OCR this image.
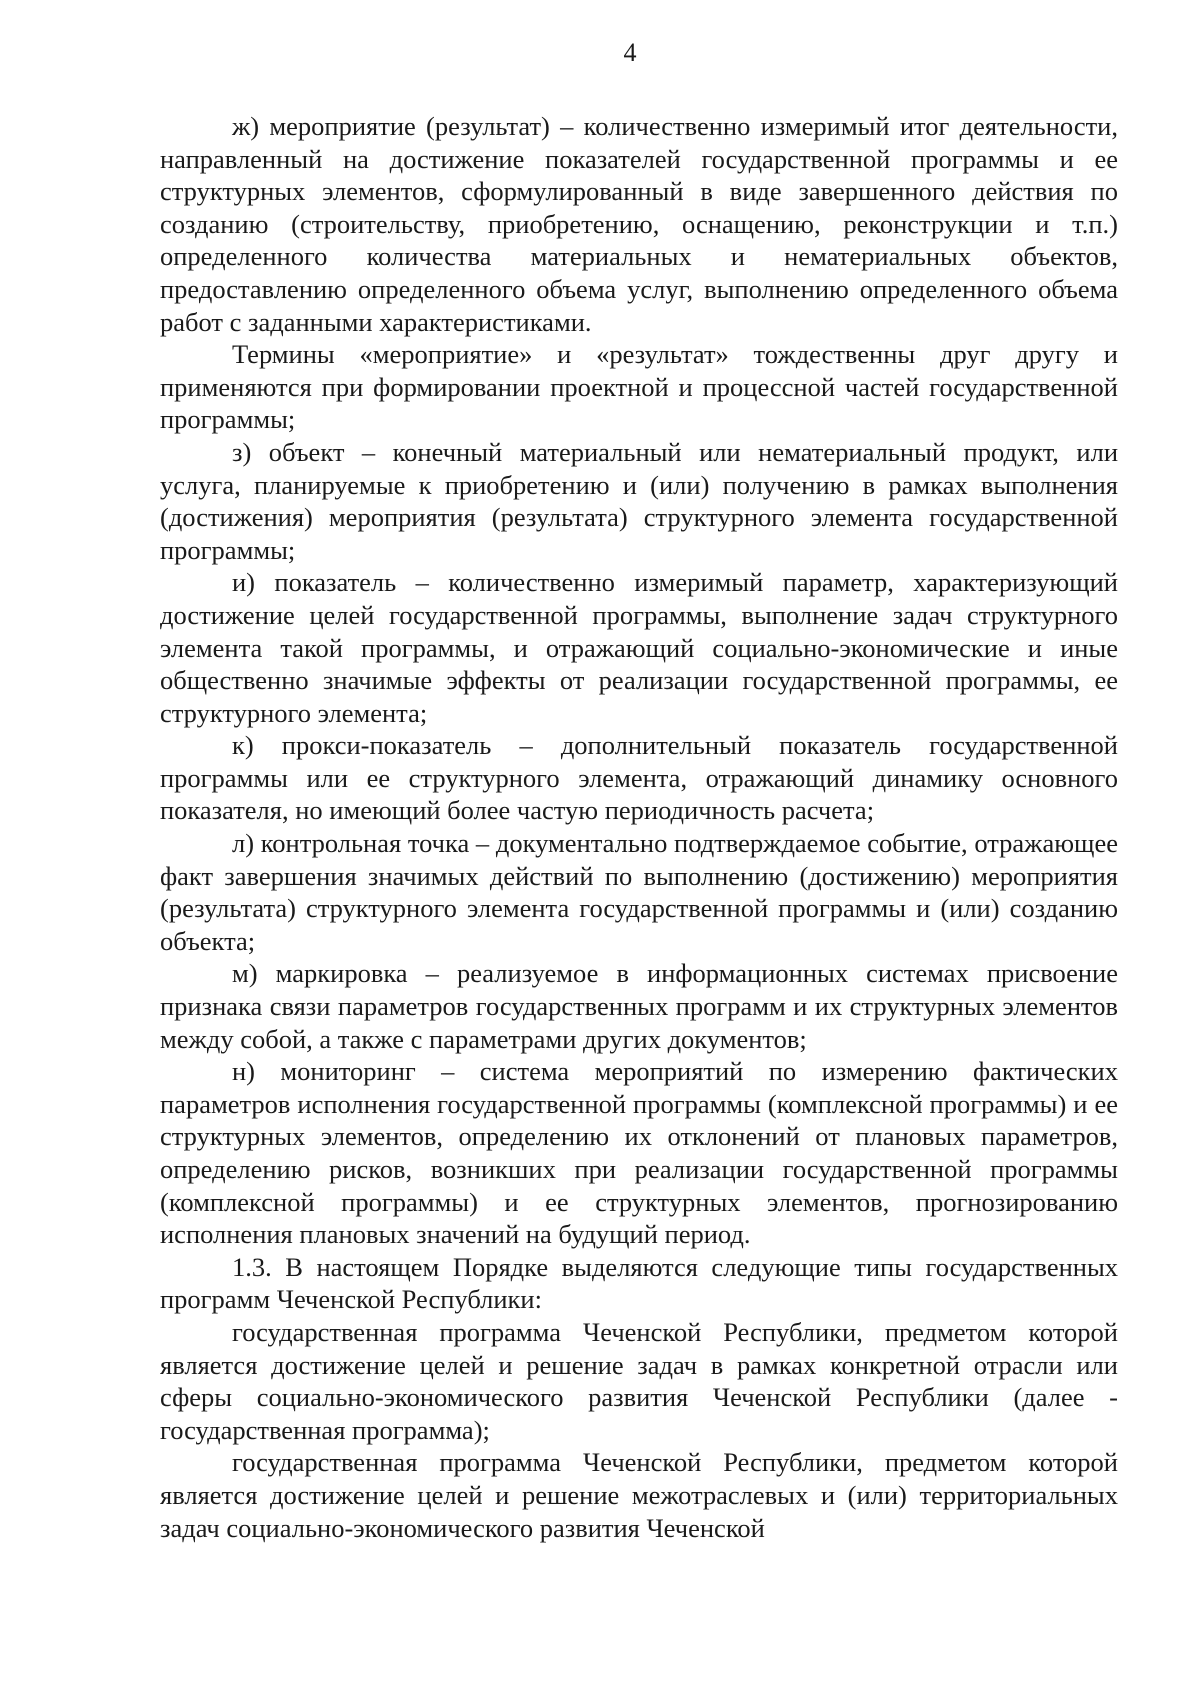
4

ж) мероприятие (результат) – количественно измеримый итог деятельности, направленный на достижение показателей государственной программы и ее структурных элементов, сформулированный в виде завершенного действия по созданию (строительству, приобретению, оснащению, реконструкции и т.п.) определенного количества материальных и нематериальных объектов, предоставлению определенного объема услуг, выполнению определенного объема работ с заданными характеристиками.

Термины «мероприятие» и «результат» тождественны друг другу и применяются при формировании проектной и процессной частей государственной программы;

з) объект – конечный материальный или нематериальный продукт, или услуга, планируемые к приобретению и (или) получению в рамках выполнения (достижения) мероприятия (результата) структурного элемента государственной программы;

и) показатель – количественно измеримый параметр, характеризующий достижение целей государственной программы, выполнение задач структурного элемента такой программы, и отражающий социально-экономические и иные общественно значимые эффекты от реализации государственной программы, ее структурного элемента;

к) прокси-показатель – дополнительный показатель государственной программы или ее структурного элемента, отражающий динамику основного показателя, но имеющий более частую периодичность расчета;

л) контрольная точка – документально подтверждаемое событие, отражающее факт завершения значимых действий по выполнению (достижению) мероприятия (результата) структурного элемента государственной программы и (или) созданию объекта;

м) маркировка – реализуемое в информационных системах присвоение признака связи параметров государственных программ и их структурных элементов между собой, а также с параметрами других документов;

н) мониторинг – система мероприятий по измерению фактических параметров исполнения государственной программы (комплексной программы) и ее структурных элементов, определению их отклонений от плановых параметров, определению рисков, возникших при реализации государственной программы (комплексной программы) и ее структурных элементов, прогнозированию исполнения плановых значений на будущий период.

1.3. В настоящем Порядке выделяются следующие типы государственных программ Чеченской Республики:

государственная программа Чеченской Республики, предметом которой является достижение целей и решение задач в рамках конкретной отрасли или сферы социально-экономического развития Чеченской Республики (далее - государственная программа);

государственная программа Чеченской Республики, предметом которой является достижение целей и решение межотраслевых и (или) территориальных задач социально-экономического развития Чеченской
